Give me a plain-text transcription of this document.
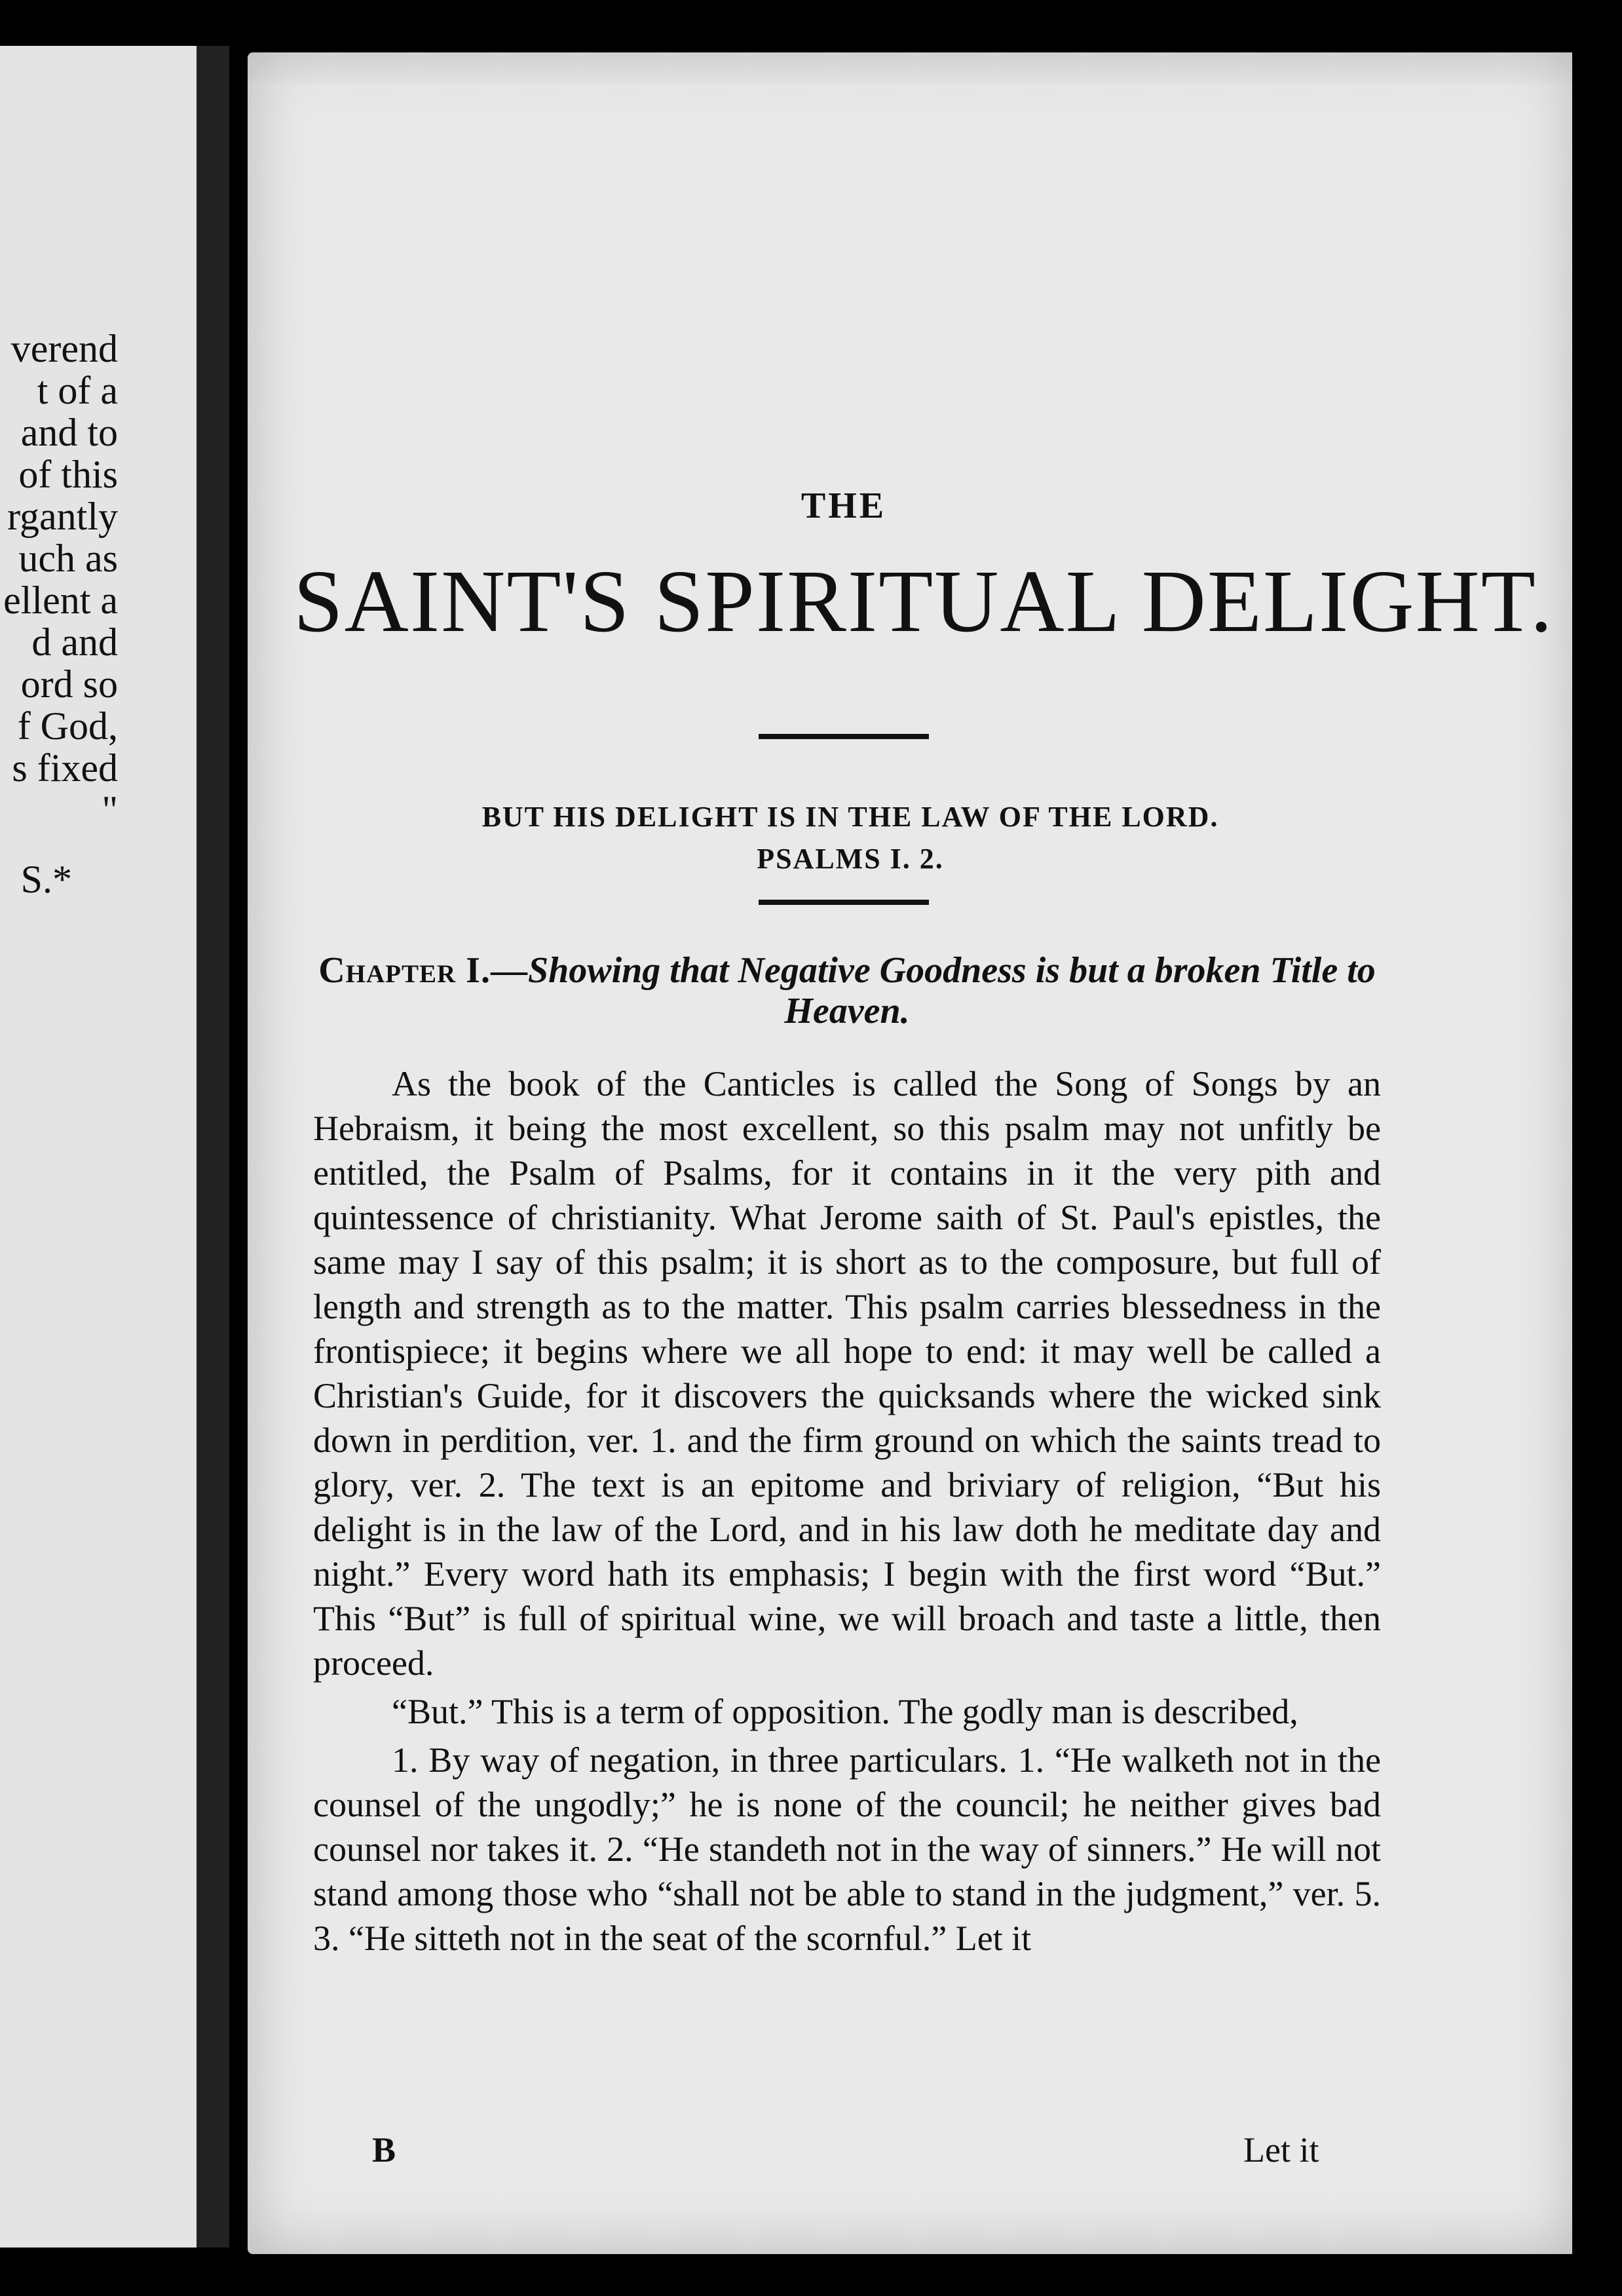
verend
t of a
and to
of this
rgantly
uch as
ellent a
d and
ord so
f God,
s fixed
"
S.*
THE
SAINT'S SPIRITUAL DELIGHT.
BUT HIS DELIGHT IS IN THE LAW OF THE LORD.
PSALMS I. 2.
Chapter I.—Showing that Negative Goodness is but a broken Title to Heaven.

As the book of the Canticles is called the Song of Songs by an Hebraism, it being the most excellent, so this psalm may not unfitly be entitled, the Psalm of Psalms, for it contains in it the very pith and quintessence of christianity. What Jerome saith of St. Paul's epistles, the same may I say of this psalm; it is short as to the composure, but full of length and strength as to the matter. This psalm carries blessedness in the frontispiece; it begins where we all hope to end: it may well be called a Christian's Guide, for it discovers the quicksands where the wicked sink down in perdition, ver. 1. and the firm ground on which the saints tread to glory, ver. 2. The text is an epitome and briviary of religion, “But his delight is in the law of the Lord, and in his law doth he meditate day and night.” Every word hath its emphasis; I begin with the first word “But.” This “But” is full of spiritual wine, we will broach and taste a little, then proceed.

“But.” This is a term of opposition. The godly man is described,

1. By way of negation, in three particulars. 1. “He walketh not in the counsel of the ungodly;” he is none of the council; he neither gives bad counsel nor takes it. 2. “He standeth not in the way of sinners.” He will not stand among those who “shall not be able to stand in the judgment,” ver. 5. 3. “He sitteth not in the seat of the scornful.” Let it

B	Let it
